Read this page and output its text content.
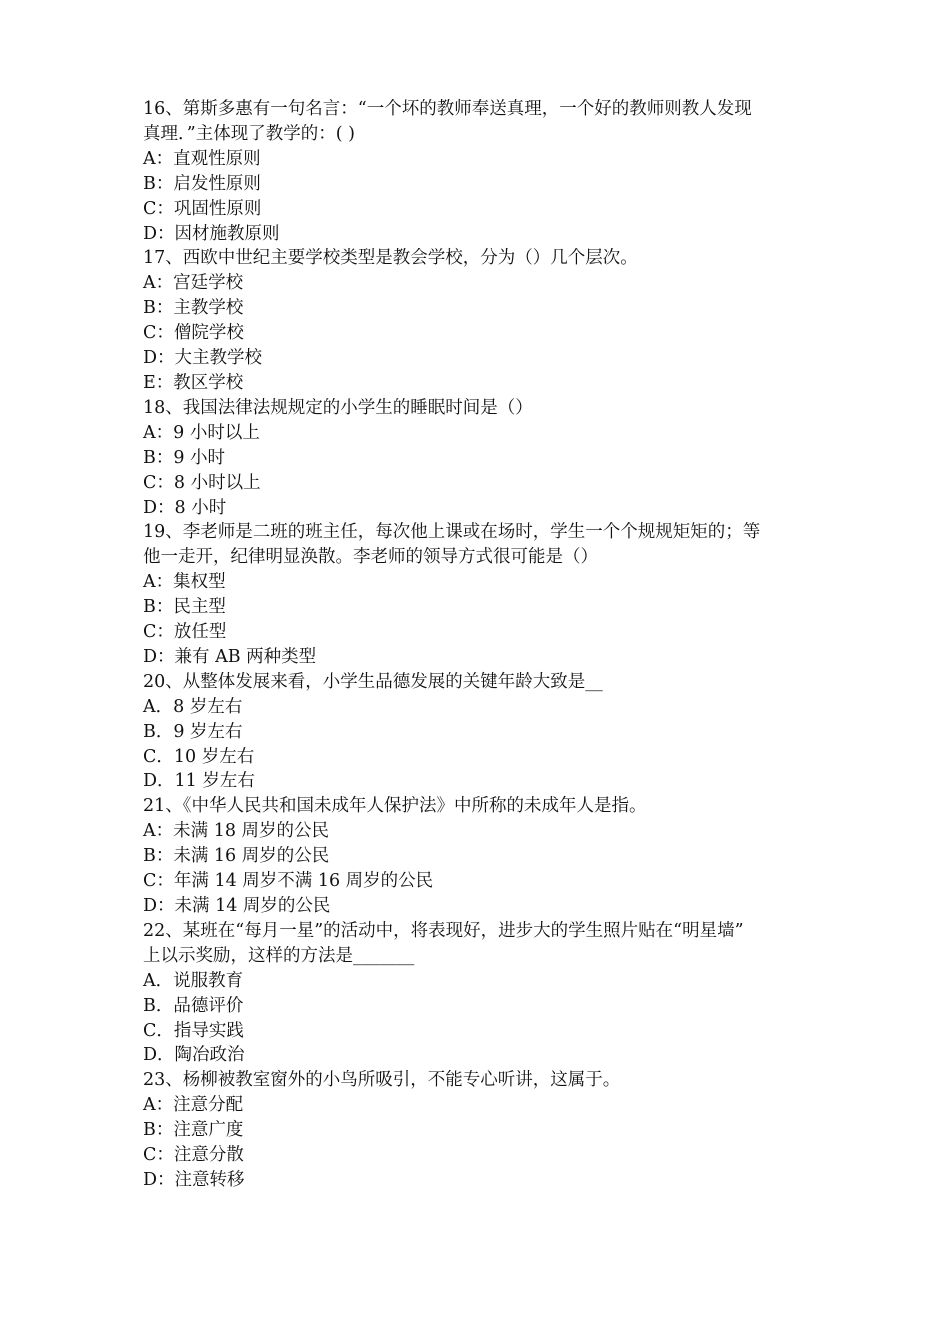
16、第斯多惠有一句名言：“一个坏的教师奉送真理，一个好的教师则教人发现
真理．”主体现了教学的：( )
A：直观性原则
B：启发性原则
C：巩固性原则
D：因材施教原则
17、西欧中世纪主要学校类型是教会学校，分为（）几个层次。
A：宫廷学校
B：主教学校
C：僧院学校
D：大主教学校
E：教区学校
18、我国法律法规规定的小学生的睡眠时间是（）
A：9 小时以上
B：9 小时
C：8 小时以上
D：8 小时
19、李老师是二班的班主任，每次他上课或在场时，学生一个个规规矩矩的；等
他一走开，纪律明显涣散。李老师的领导方式很可能是（）
A：集权型
B：民主型
C：放任型
D：兼有 AB 两种类型
20、从整体发展来看，小学生品德发展的关键年龄大致是__
A．8 岁左右
B．9 岁左右
C．10 岁左右
D．11 岁左右
21、《中华人民共和国未成年人保护法》中所称的未成年人是指。
A：未满 18 周岁的公民
B：未满 16 周岁的公民
C：年满 14 周岁不满 16 周岁的公民
D：未满 14 周岁的公民
22、某班在“每月一星”的活动中，将表现好，进步大的学生照片贴在“明星墙”
上以示奖励，这样的方法是_______
A．说服教育
B．品德评价
C．指导实践
D．陶冶政治
23、杨柳被教室窗外的小鸟所吸引，不能专心听讲，这属于。
A：注意分配
B：注意广度
C：注意分散
D：注意转移
